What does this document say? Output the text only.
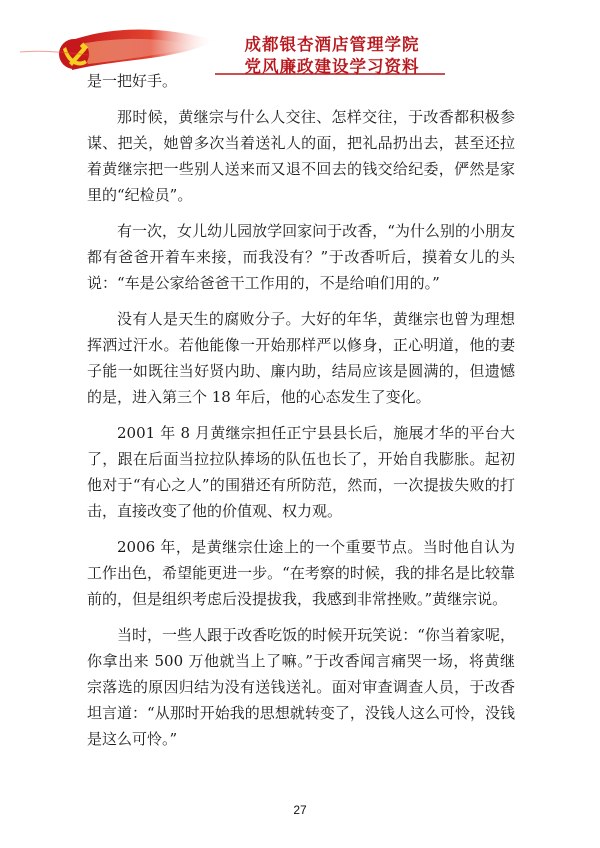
成都银杏酒店管理学院
党风廉政建设学习资料

是一把好手。

那时候，黄继宗与什么人交往、怎样交往，于改香都积极参谋、把关，她曾多次当着送礼人的面，把礼品扔出去，甚至还拉着黄继宗把一些别人送来而又退不回去的钱交给纪委，俨然是家里的“纪检员”。

有一次，女儿幼儿园放学回家问于改香，“为什么别的小朋友都有爸爸开着车来接，而我没有？”于改香听后，摸着女儿的头说：“车是公家给爸爸干工作用的，不是给咱们用的。”

没有人是天生的腐败分子。大好的年华，黄继宗也曾为理想挥洒过汗水。若他能像一开始那样严以修身，正心明道，他的妻子能一如既往当好贤内助、廉内助，结局应该是圆满的，但遗憾的是，进入第三个 18 年后，他的心态发生了变化。

2001 年 8 月黄继宗担任正宁县县长后，施展才华的平台大了，跟在后面当拉拉队捧场的队伍也长了，开始自我膨胀。起初他对于“有心之人”的围猎还有所防范，然而，一次提拔失败的打击，直接改变了他的价值观、权力观。

2006 年，是黄继宗仕途上的一个重要节点。当时他自认为工作出色，希望能更进一步。“在考察的时候，我的排名是比较靠前的，但是组织考虑后没提拔我，我感到非常挫败。”黄继宗说。

当时，一些人跟于改香吃饭的时候开玩笑说：“你当着家呢，你拿出来 500 万他就当上了嘛。”于改香闻言痛哭一场，将黄继宗落选的原因归结为没有送钱送礼。面对审查调查人员，于改香坦言道：“从那时开始我的思想就转变了，没钱人这么可怜，没钱是这么可怜。”

27
